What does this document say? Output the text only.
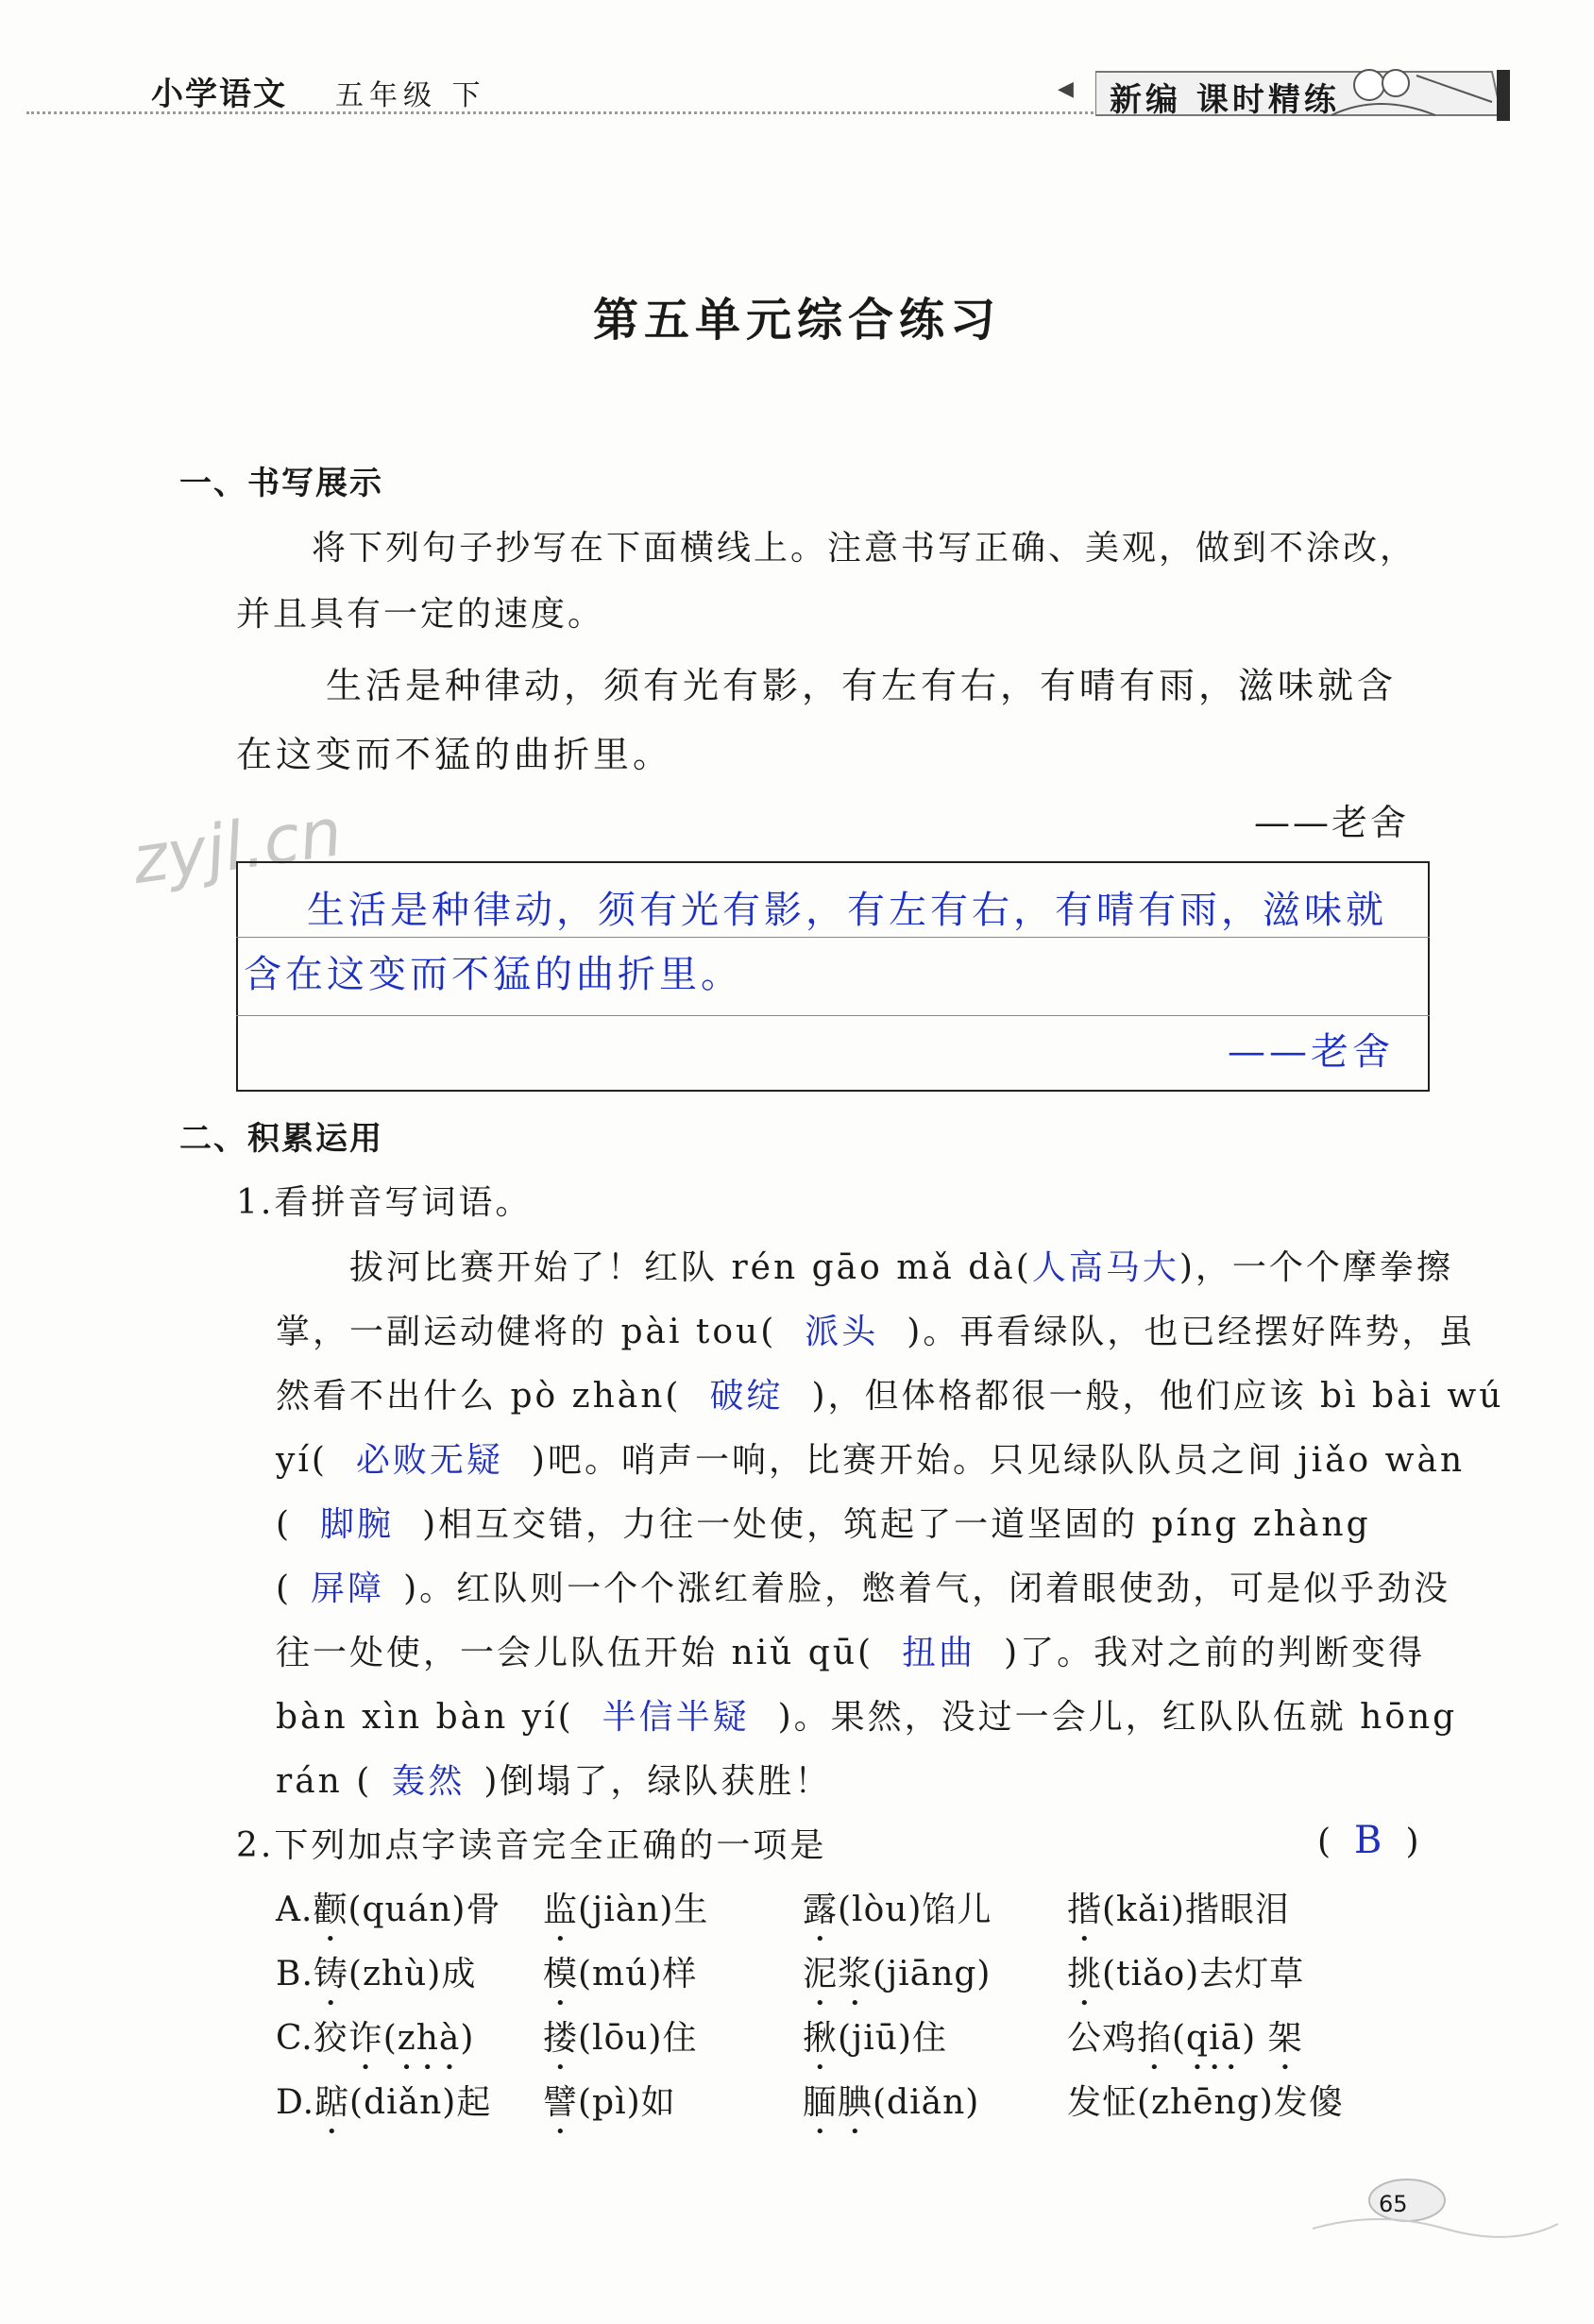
小学语文 五年级 下	◀ 新编 课时精练
第五单元综合练习
一、书写展示
将下列句子抄写在下面横线上。注意书写正确、美观，做到不涂改，
并且具有一定的速度。
生活是种律动，须有光有影，有左有右，有晴有雨，滋味就含
在这变而不猛的曲折里。
——老舍
zyjl.cn
生活是种律动，须有光有影，有左有右，有晴有雨，滋味就
含在这变而不猛的曲折里。
——老舍
二、积累运用
1.看拼音写词语。
拔河比赛开始了！红队 rén gāo mǎ dà(人高马大)，一个个摩拳擦
掌，一副运动健将的 pài tou( 派头 )。再看绿队，也已经摆好阵势，虽
然看不出什么 pò zhàn( 破绽 )，但体格都很一般，他们应该 bì bài wú
yí( 必败无疑 )吧。哨声一响，比赛开始。只见绿队队员之间 jiǎo wàn
( 脚腕 )相互交错，力往一处使，筑起了一道坚固的 píng zhàng
( 屏障 )。红队则一个个涨红着脸，憋着气，闭着眼使劲，可是似乎劲没
往一处使，一会儿队伍开始 niǔ qū( 扭曲 )了。我对之前的判断变得
bàn xìn bàn yí( 半信半疑 )。果然，没过一会儿，红队队伍就 hōng
rán ( 轰然 )倒塌了，绿队获胜！
2.下列加点字读音完全正确的一项是	( B )
A.颧(quán)骨 监(jiàn)生	露(lòu)馅儿 揩(kǎi)揩眼泪
B.铸(zhù)成 模(mú)样	泥浆(jiāng) 挑(tiǎo)去灯草
C.狡诈(zhà) 搂(lōu)住	揪(jiū)住	公鸡掐(qiā) 架
D.踮(diǎn)起 譬(pì)如	腼腆(diǎn)	发怔(zhēng)发傻
65
